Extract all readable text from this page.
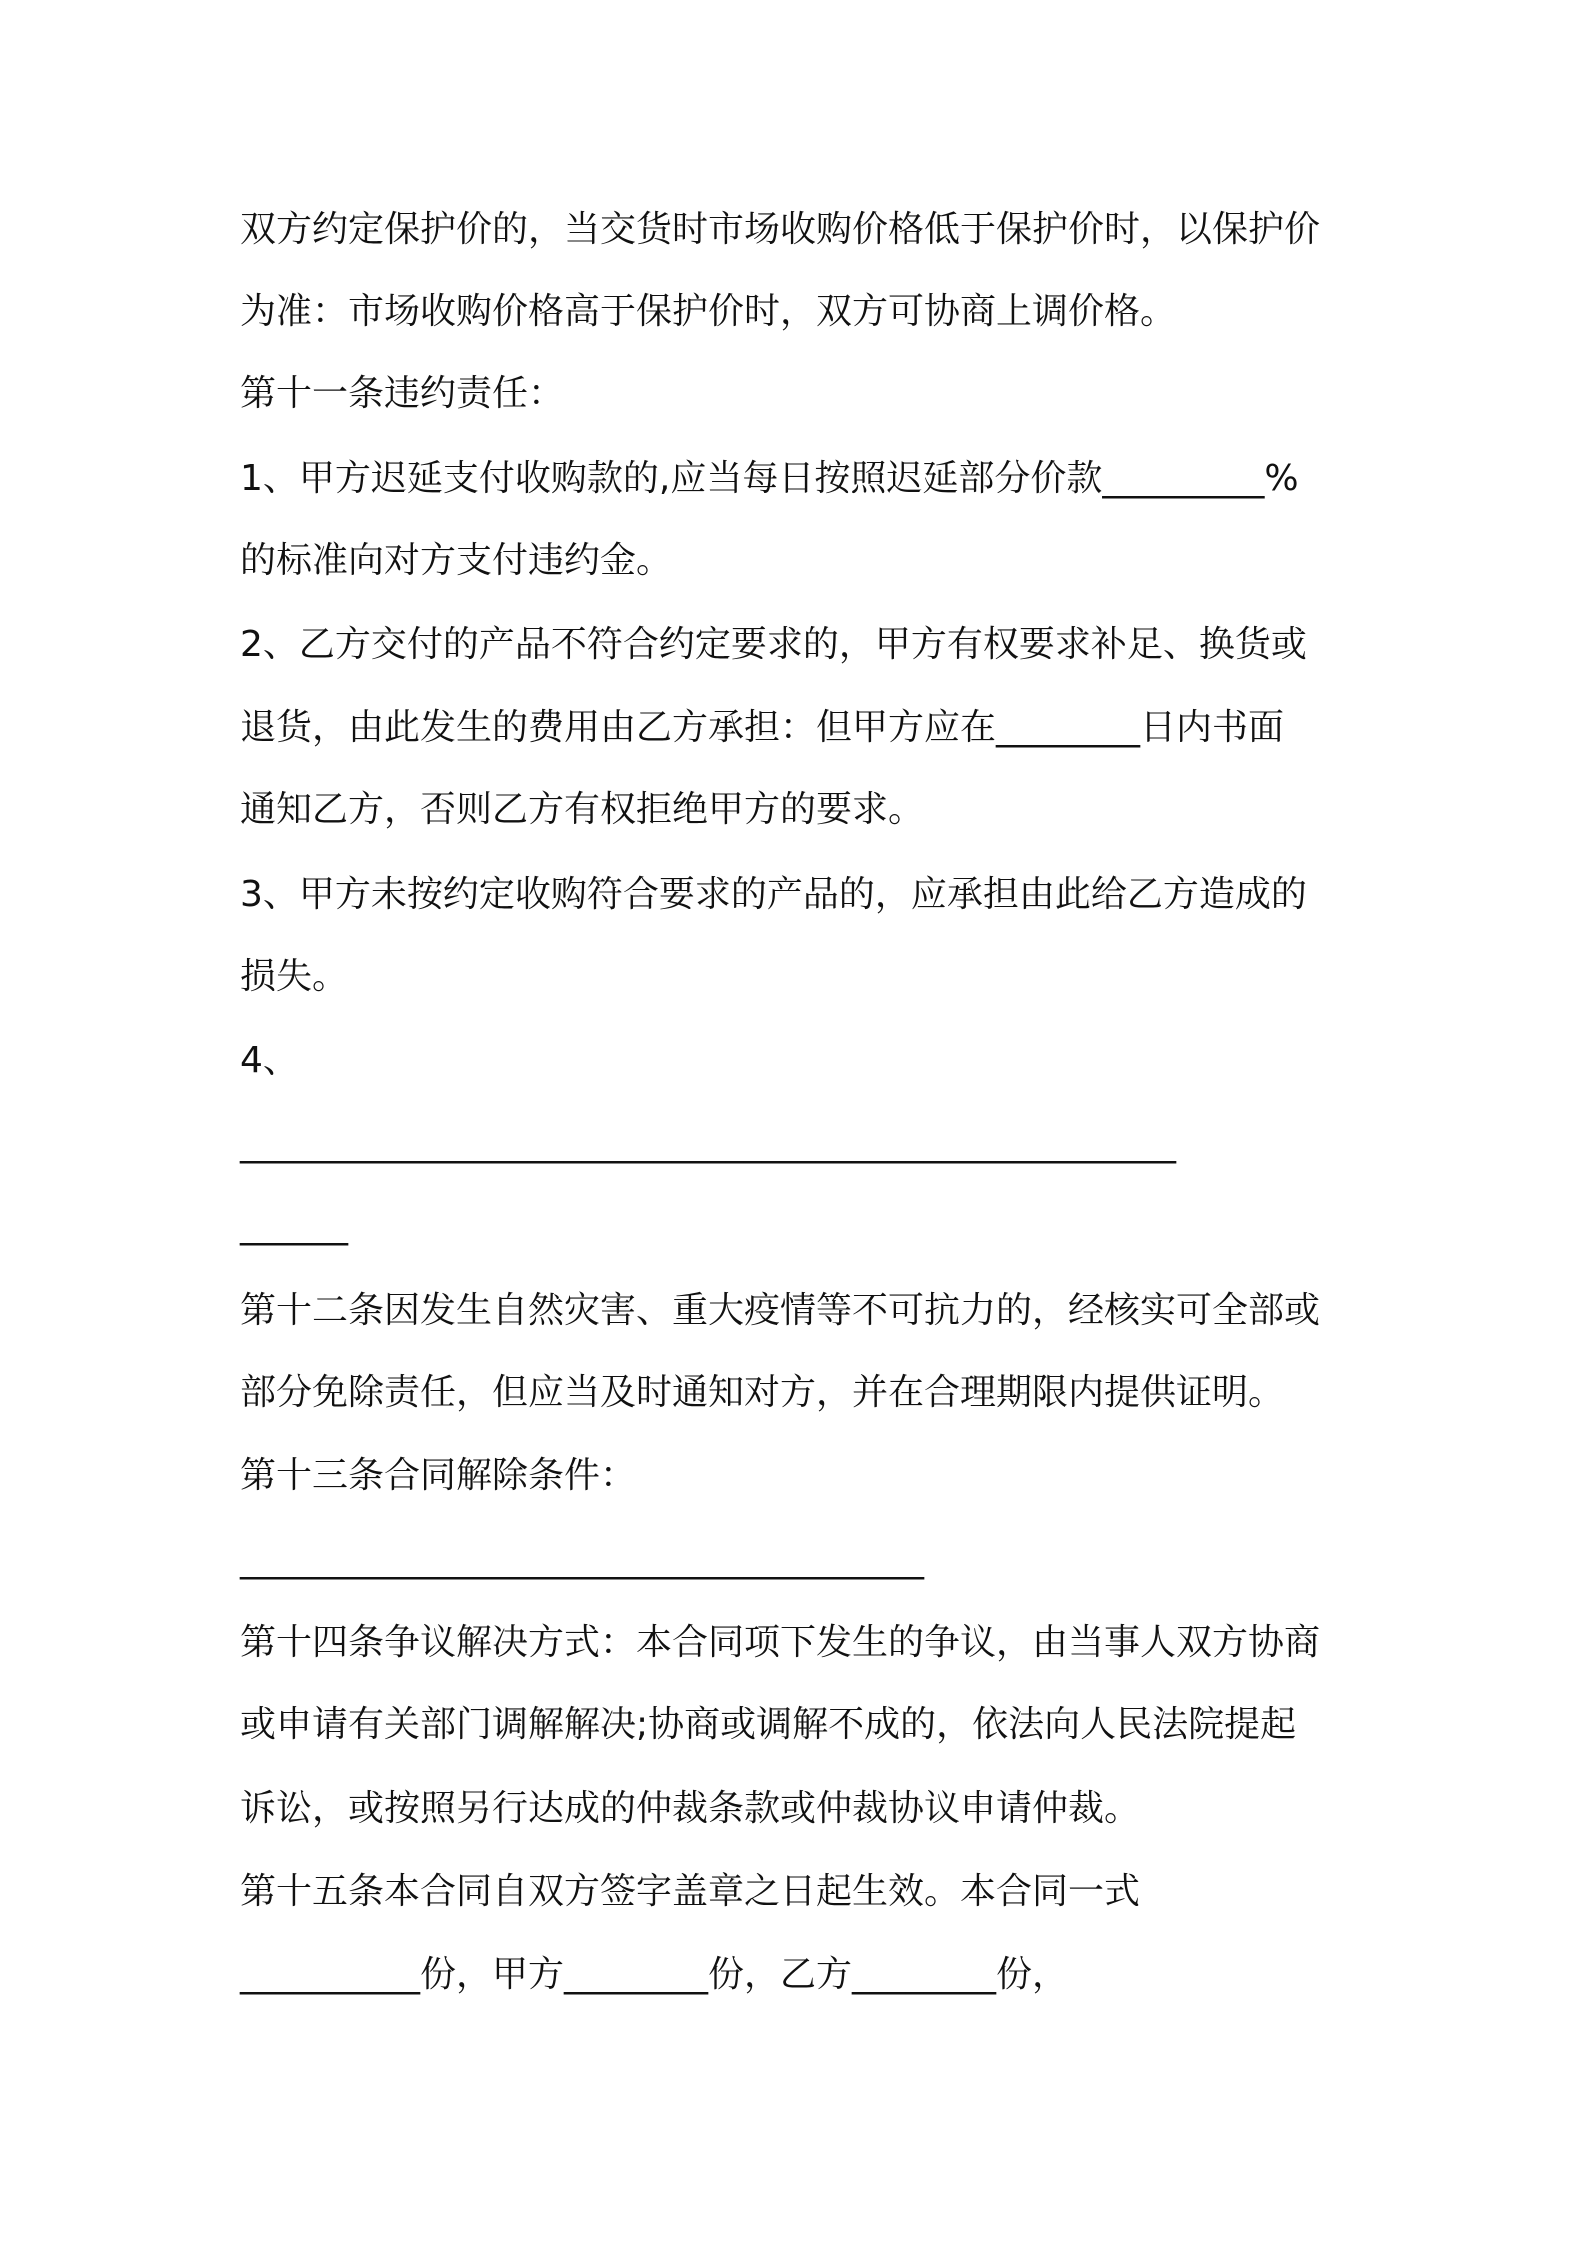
双方约定保护价的，当交货时市场收购价格低于保护价时，以保护价
为准：市场收购价格高于保护价时，双方可协商上调价格。
第十一条违约责任：
1、甲方迟延支付收购款的,应当每日按照迟延部分价款_________%
的标准向对方支付违约金。
2、乙方交付的产品不符合约定要求的，甲方有权要求补足、换货或
退货，由此发生的费用由乙方承担：但甲方应在________日内书面
通知乙方，否则乙方有权拒绝甲方的要求。
3、甲方未按约定收购符合要求的产品的，应承担由此给乙方造成的
损失。
4、
____________________________________________________
______
第十二条因发生自然灾害、重大疫情等不可抗力的，经核实可全部或
部分免除责任，但应当及时通知对方，并在合理期限内提供证明。
第十三条合同解除条件：
______________________________________
第十四条争议解决方式：本合同项下发生的争议，由当事人双方协商
或申请有关部门调解解决;协商或调解不成的，依法向人民法院提起
诉讼，或按照另行达成的仲裁条款或仲裁协议申请仲裁。
第十五条本合同自双方签字盖章之日起生效。本合同一式
__________份，甲方________份，乙方________份，
